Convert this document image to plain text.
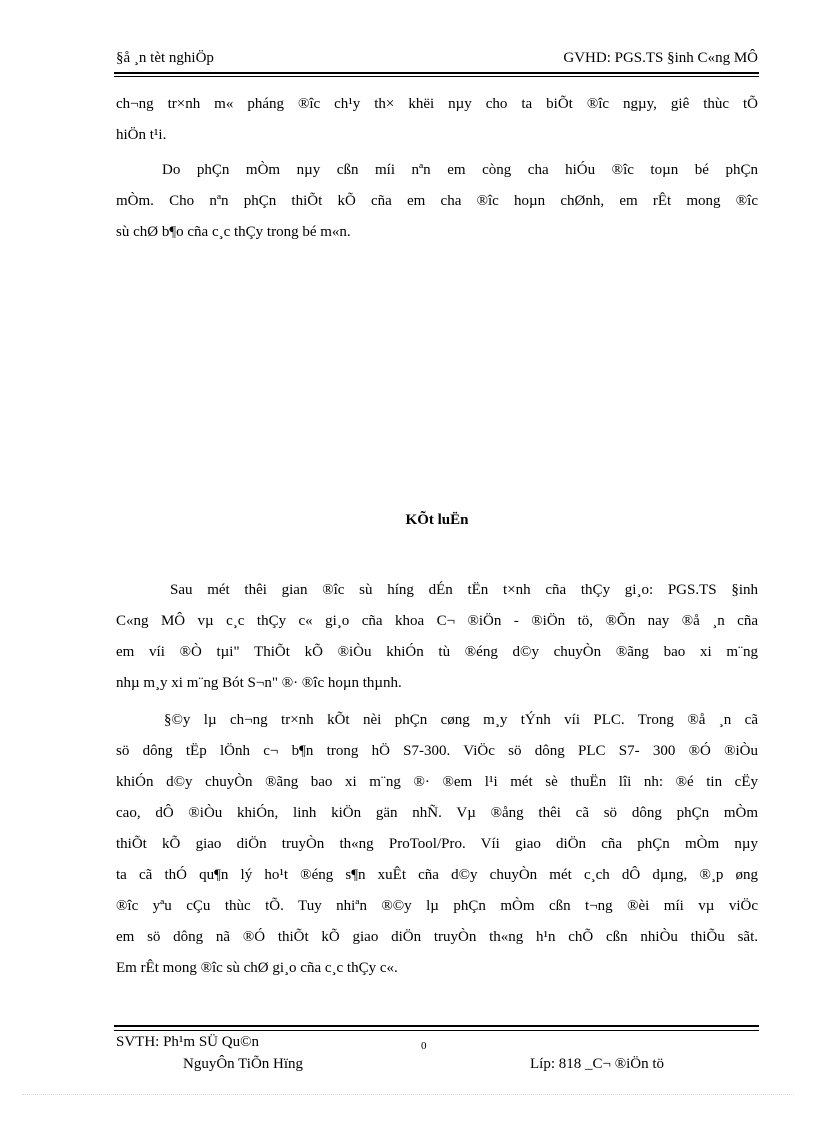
§å ¸n tèt nghiÖp	GVHD: PGS.TS §inh C«ng MÔ
ch¬ng tr×nh m« pháng ®îc ch¹y th× khëi nµy cho ta biÕt ®îc ngµy, giê thùc tÕ
hiÖn t¹i.
Do phÇn mÒm nµy cßn míi nªn em còng cha hiÓu ®îc toµn bé phÇn
mÒm. Cho nªn phÇn thiÕt kÕ cña em cha ®îc hoµn chØnh, em rÊt mong ®îc
sù chØ b¶o cña c¸c thÇy trong bé m«n.
KÕt luËn
Sau mét thêi gian ®îc sù híng dÉn tËn t×nh cña thÇy gi¸o: PGS.TS §inh
C«ng MÔ vµ c¸c thÇy c« gi¸o cña khoa C¬ ®iÖn - ®iÖn tö, ®Õn nay ®å ¸n cña
em víi ®Ò tµi" ThiÕt kÕ ®iÒu khiÓn tù ®éng d©y chuyÒn ®ãng bao xi m¨ng
nhµ m¸y xi m¨ng Bót S¬n" ®· ®îc hoµn thµnh.
§©y lµ ch¬ng tr×nh kÕt nèi phÇn cøng m¸y tÝnh víi PLC. Trong ®å ¸n cã
sö dông tËp lÖnh c¬ b¶n trong hÖ S7-300. ViÖc sö dông PLC S7- 300 ®Ó ®iÒu
khiÓn d©y chuyÒn ®ãng bao xi m¨ng ®· ®em l¹i mét sè thuËn lîi nh: ®é tin cËy
cao, dÔ ®iÒu khiÓn, linh kiÖn gän nhÑ. Vµ ®ång thêi cã sö dông phÇn mÒm
thiÕt kÕ giao diÖn truyÒn th«ng ProTool/Pro. Víi giao diÖn cña phÇn mÒm nµy
ta cã thÓ qu¶n lý ho¹t ®éng s¶n xuÊt cña d©y chuyÒn mét c¸ch dÔ dµng, ®¸p øng
®îc yªu cÇu thùc tÕ. Tuy nhiªn ®©y lµ phÇn mÒm cßn t¬ng ®èi míi vµ viÖc
em sö dông nã ®Ó thiÕt kÕ giao diÖn truyÒn th«ng h¹n chÕ cßn nhiÒu thiÕu sãt.
Em rÊt mong ®îc sù chØ gi¸o cña c¸c thÇy c«.
SVTH: Ph¹m SÜ Qu©n	0
NguyÔn TiÕn Hïng	Líp: 818 _C¬ ®iÖn tö
